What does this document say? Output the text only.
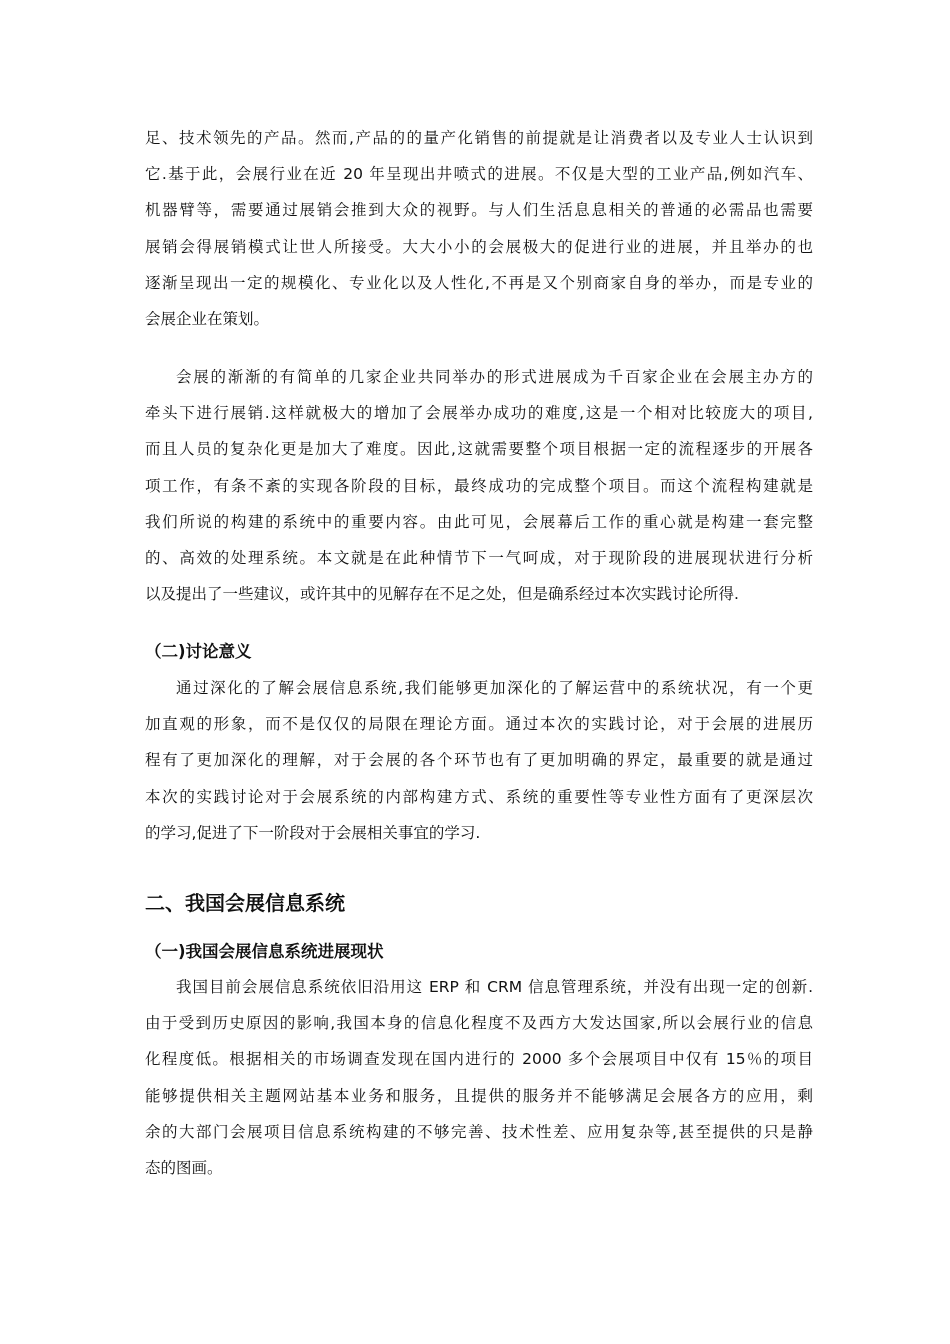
足、技术领先的产品。然而,产品的的量产化销售的前提就是让消费者以及专业人士认识到
它.基于此，会展行业在近 20 年呈现出井喷式的进展。不仅是大型的工业产品,例如汽车、
机器臂等，需要通过展销会推到大众的视野。与人们生活息息相关的普通的必需品也需要
展销会得展销模式让世人所接受。大大小小的会展极大的促进行业的进展，并且举办的也
逐渐呈现出一定的规模化、专业化以及人性化,不再是又个别商家自身的举办，而是专业的
会展企业在策划。
会展的渐渐的有简单的几家企业共同举办的形式进展成为千百家企业在会展主办方的
牵头下进行展销.这样就极大的增加了会展举办成功的难度,这是一个相对比较庞大的项目,
而且人员的复杂化更是加大了难度。因此,这就需要整个项目根据一定的流程逐步的开展各
项工作，有条不紊的实现各阶段的目标，最终成功的完成整个项目。而这个流程构建就是
我们所说的构建的系统中的重要内容。由此可见，会展幕后工作的重心就是构建一套完整
的、高效的处理系统。本文就是在此种情节下一气呵成，对于现阶段的进展现状进行分析
以及提出了一些建议，或许其中的见解存在不足之处，但是确系经过本次实践讨论所得.
（二)讨论意义
通过深化的了解会展信息系统,我们能够更加深化的了解运营中的系统状况，有一个更
加直观的形象，而不是仅仅的局限在理论方面。通过本次的实践讨论，对于会展的进展历
程有了更加深化的理解，对于会展的各个环节也有了更加明确的界定，最重要的就是通过
本次的实践讨论对于会展系统的内部构建方式、系统的重要性等专业性方面有了更深层次
的学习,促进了下一阶段对于会展相关事宜的学习.
二、我国会展信息系统
（一)我国会展信息系统进展现状
我国目前会展信息系统依旧沿用这 ERP 和 CRM 信息管理系统，并没有出现一定的创新.
由于受到历史原因的影响,我国本身的信息化程度不及西方大发达国家,所以会展行业的信息
化程度低。根据相关的市场调查发现在国内进行的 2000 多个会展项目中仅有 15％的项目
能够提供相关主题网站基本业务和服务，且提供的服务并不能够满足会展各方的应用，剩
余的大部门会展项目信息系统构建的不够完善、技术性差、应用复杂等,甚至提供的只是静
态的图画。
